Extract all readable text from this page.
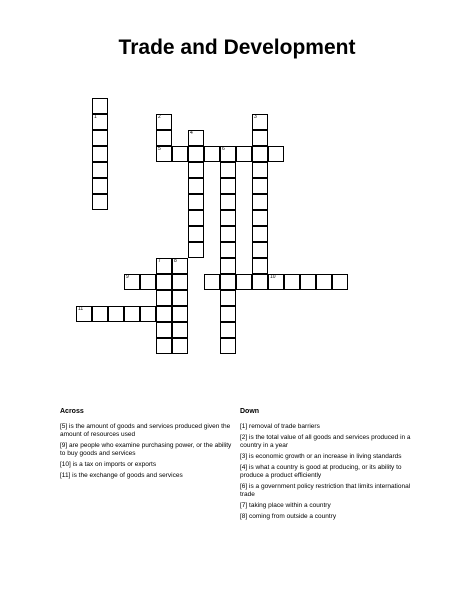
Trade and Development
1	2
5
4
6
3
9
7	8
10
11
Across	Down
[5] is the amount of goods and services produced given the amount of resources used
[9] are people who examine purchasing power, or the ability to buy goods and services
[10] is a tax on imports or exports
[11] is the exchange of goods and services
[1] removal of trade barriers
[2] is the total value of all goods and services produced in a country in a year
[3] is economic growth or an increase in living standards
[4] is what a country is good at producing, or its ability to produce a product efficiently
[6] is a government policy restriction that limits international trade
[7] taking place within a country
[8] coming from outside a country
